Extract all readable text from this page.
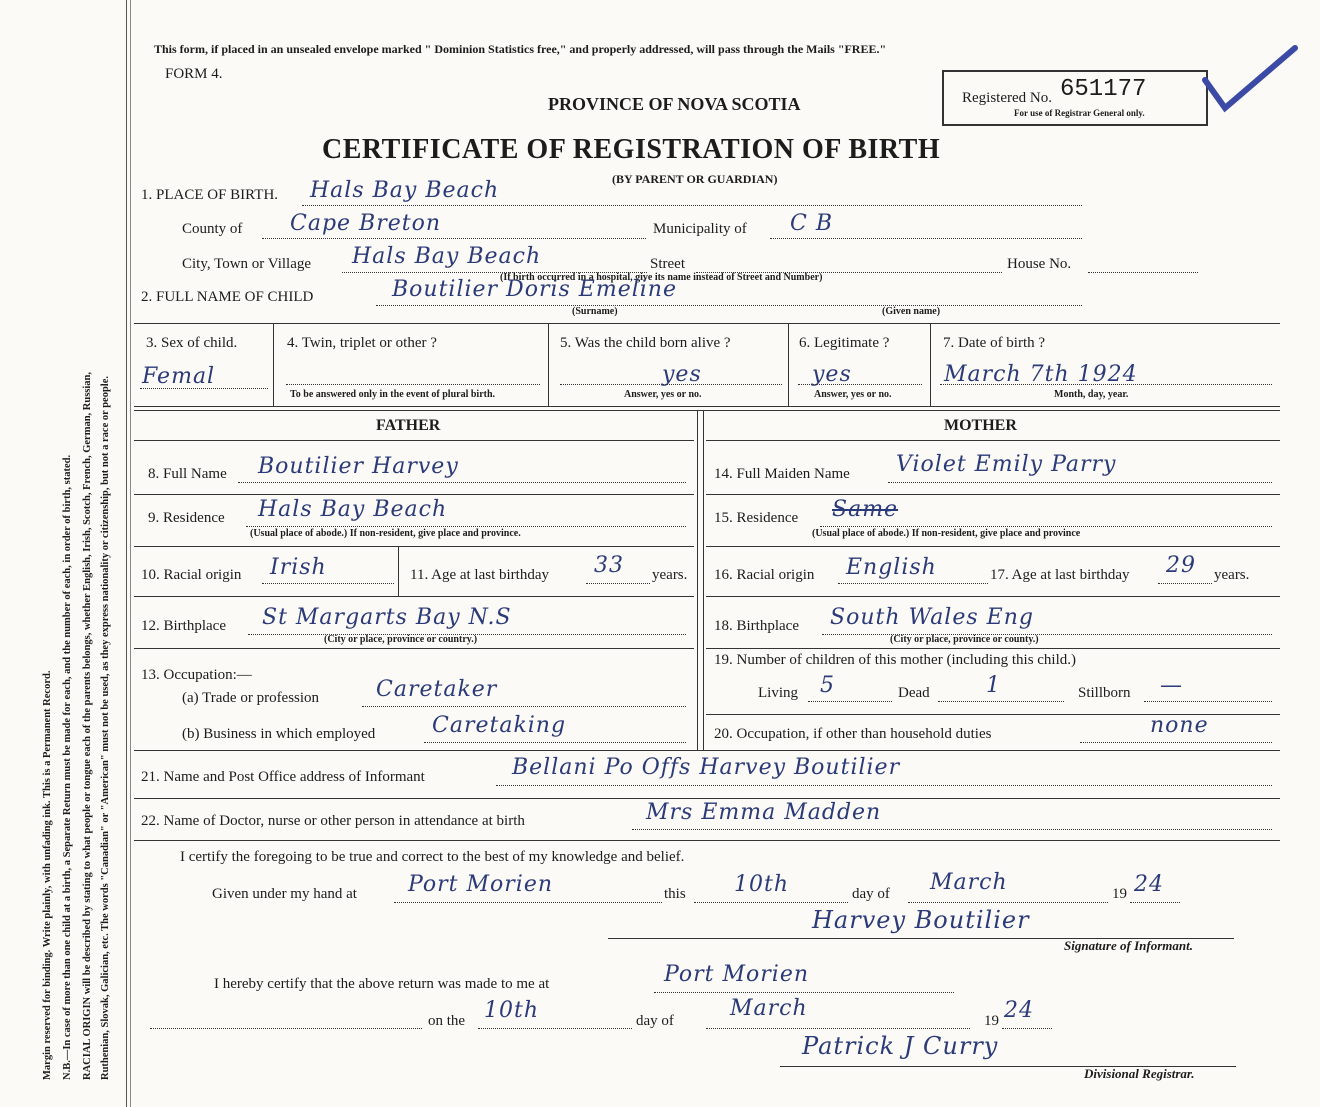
Margin reserved for binding. Write plainly, with unfading ink. This is a Permanent Record. N.B.—In case of more than one child at a birth, a Separate Return must be made for each, and the number of each, in order of birth, stated. RACIAL ORIGIN will be described by stating to what people or tongue each of the parents belongs, whether English, Irish, Scotch, French, German, Russian, Ruthenian, Slovak, Galician, etc. The words "Canadian" or "American" must not be used, as they express nationality or citizenship, but not a race or people.
This form, if placed in an unsealed envelope marked " Dominion Statistics free," and properly addressed, will pass through the Mails "FREE."
FORM 4.
PROVINCE OF NOVA SCOTIA
CERTIFICATE OF REGISTRATION OF BIRTH
(BY PARENT OR GUARDIAN)
Registered No. 651177
For use of Registrar General only.
1. PLACE OF BIRTH. Hals Bay Beach
County of Cape Breton	Municipality of C B
City, Town or Village Hals Bay Beach	Street	House No.
(If birth occurred in a hospital, give its name instead of Street and Number)
2. FULL NAME OF CHILD	Boutilier Doris Emeline
(Surname)	(Given name)
3. Sex of child.
Femal
4. Twin, triplet or other ?
To be answered only in the event of plural birth.
5. Was the child born alive ?
yes
Answer, yes or no.
6. Legitimate ?
yes
Answer, yes or no.
7. Date of birth ?
March 7th 1924
Month, day, year.
FATHER	MOTHER
8. Full Name Boutilier Harvey
9. Residence Hals Bay Beach
(Usual place of abode.) If non-resident, give place and province.
10. Racial origin Irish	11. Age at last birthday 33 years.
12. Birthplace St Margarts Bay N.S
(City or place, province or country.)
13. Occupation:—
(a) Trade or profession	Caretaker
(b) Business in which employed	Caretaking
14. Full Maiden Name Violet Emily Parry
15. Residence Same
(Usual place of abode.) If non-resident, give place and province
16. Racial origin English	17. Age at last birthday 29 years.
18. Birthplace South Wales Eng
(City or place, province or county.)
19. Number of children of this mother (including this child.)
Living 5	Dead	1	Stillborn —
20. Occupation, if other than household duties	none
21. Name and Post Office address of Informant	Bellani Po Offs Harvey Boutilier
22. Name of Doctor, nurse or other person in attendance at birth	Mrs Emma Madden
I certify the foregoing to be true and correct to the best of my knowledge and belief.
Given under my hand at Port Morien	this 10th	day of March	19 24
Harvey Boutilier
Signature of Informant.
I hereby certify that the above return was made to me at	Port Morien
on the 10th	day of	March	19 24
Patrick J Curry
Divisional Registrar.
